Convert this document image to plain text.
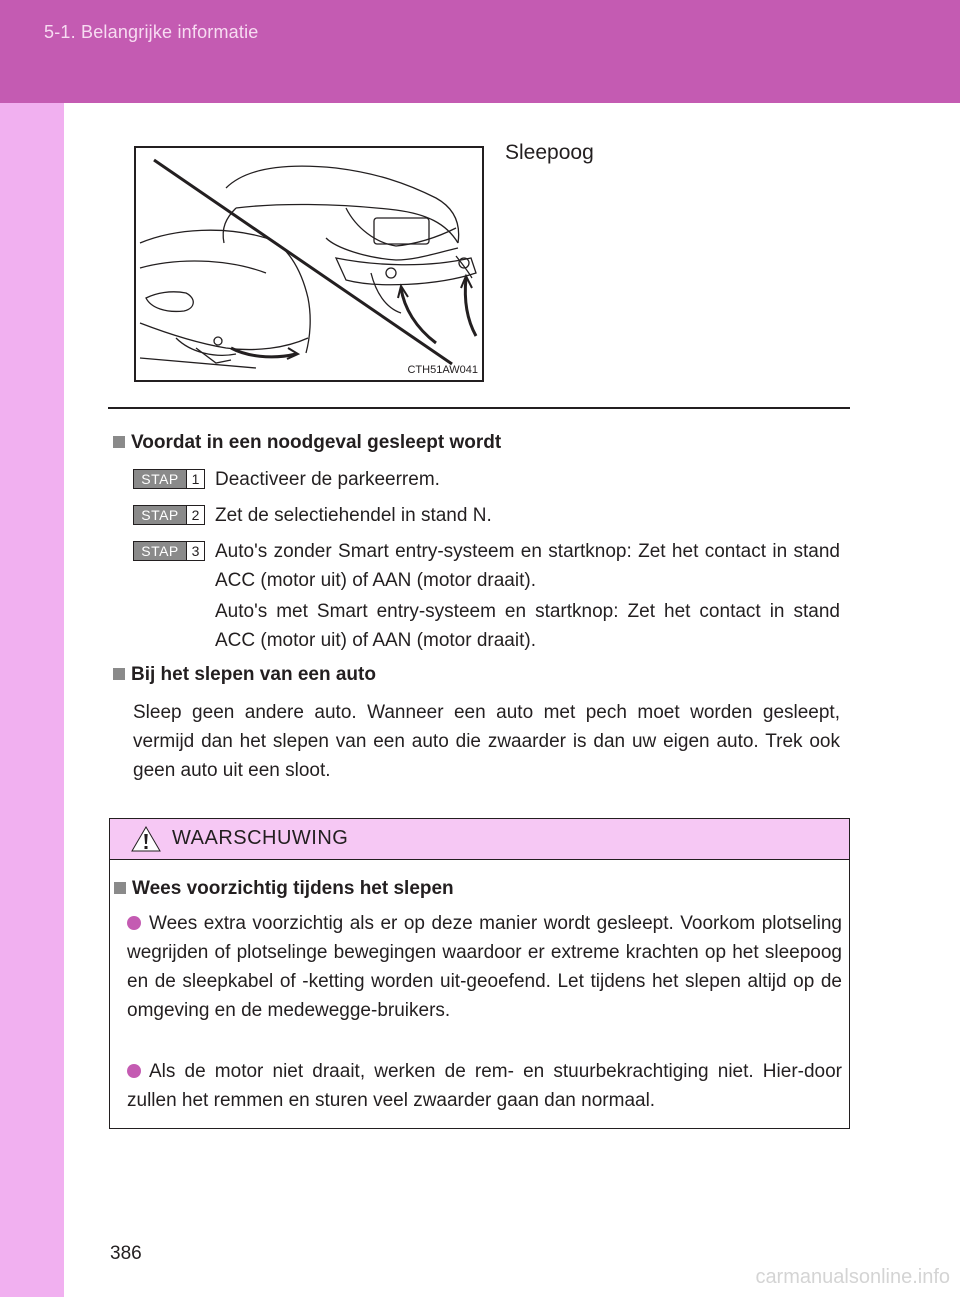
5-1. Belangrijke informatie
CTH51AW041
Sleepoog
Voordat in een noodgeval gesleept wordt
STAP 1 Deactiveer de parkeerrem.
STAP 2 Zet de selectiehendel in stand N.
STAP 3 Auto's zonder Smart entry-systeem en startknop: Zet het contact in stand ACC (motor uit) of AAN (motor draait).
Auto's met Smart entry-systeem en startknop: Zet het contact in stand ACC (motor uit) of AAN (motor draait).
Bij het slepen van een auto
Sleep geen andere auto. Wanneer een auto met pech moet worden gesleept, vermijd dan het slepen van een auto die zwaarder is dan uw eigen auto. Trek ook geen auto uit een sloot.
WAARSCHUWING
Wees voorzichtig tijdens het slepen
Wees extra voorzichtig als er op deze manier wordt gesleept. Voorkom plotseling wegrijden of plotselinge bewegingen waardoor er extreme krachten op het sleepoog en de sleepkabel of -ketting worden uit-geoefend. Let tijdens het slepen altijd op de omgeving en de medewegge-bruikers.
Als de motor niet draait, werken de rem- en stuurbekrachtiging niet. Hier-door zullen het remmen en sturen veel zwaarder gaan dan normaal.
386
carmanualsonline.info
